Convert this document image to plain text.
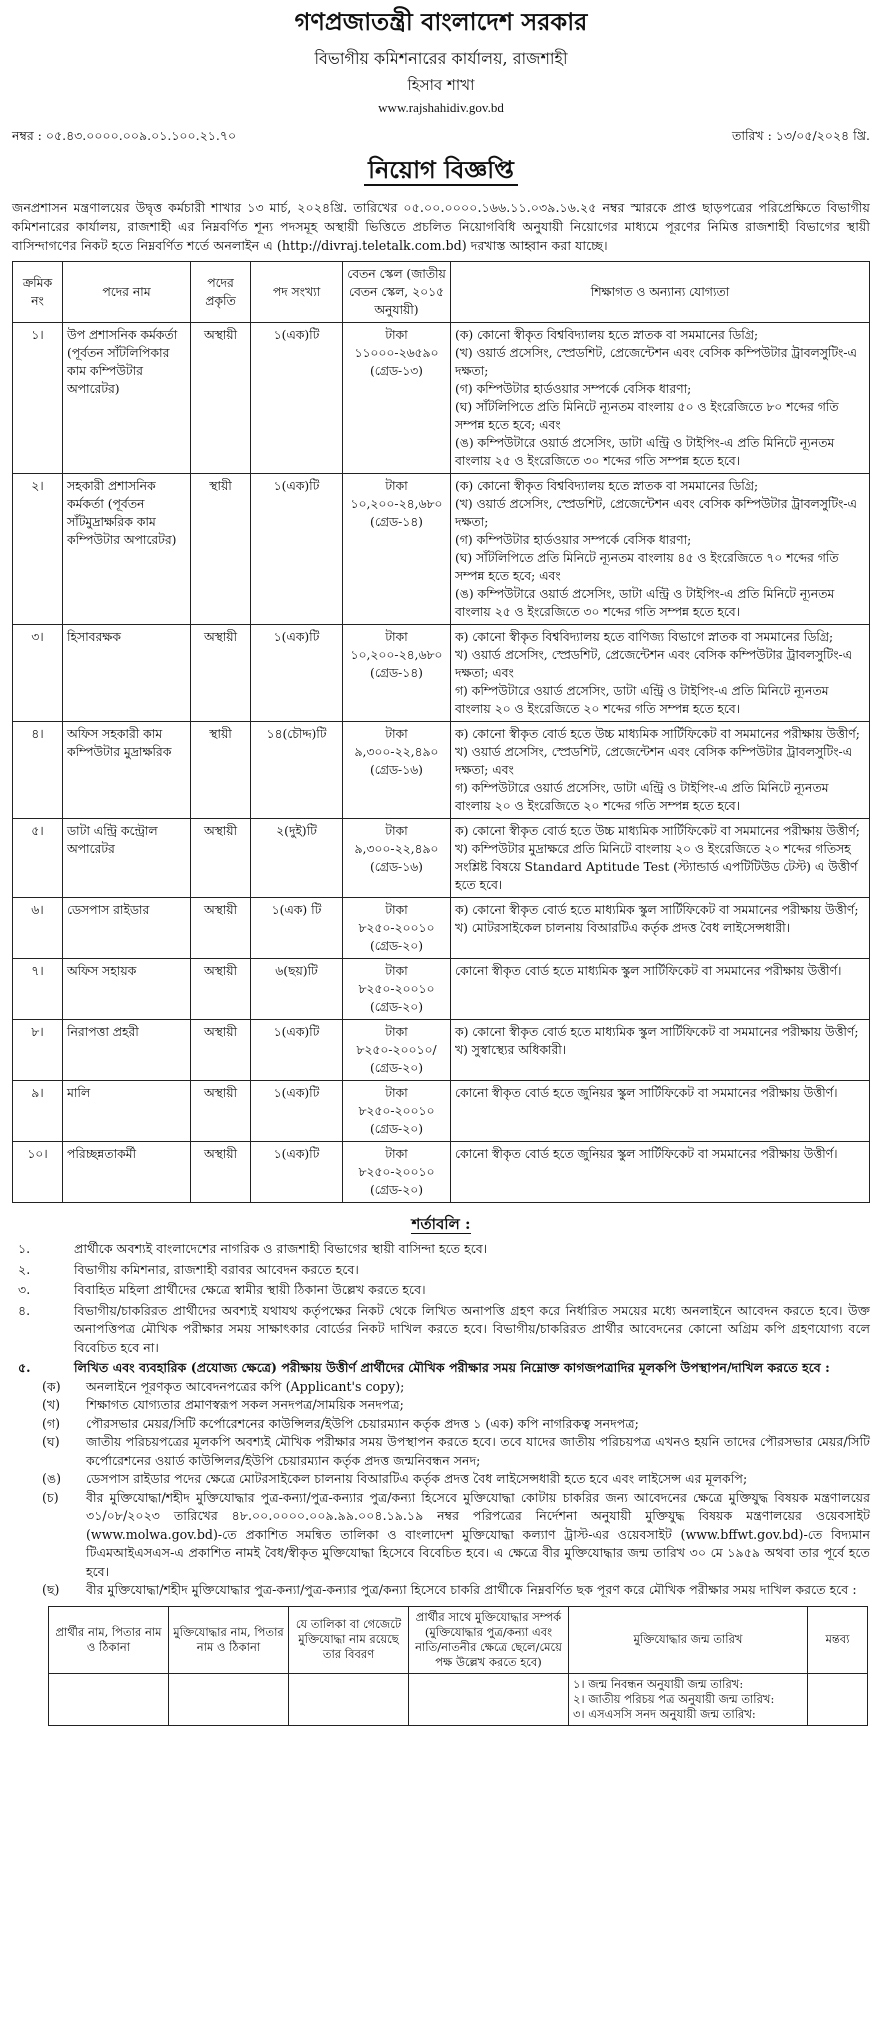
গণপ্রজাতন্ত্রী বাংলাদেশ সরকার
বিভাগীয় কমিশনারের কার্যালয়, রাজশাহী
হিসাব শাখা
www.rajshahidiv.gov.bd
নম্বর : ০৫.৪৩.০০০০.০০৯.০১.১০০.২১.৭০	তারিখ : ১৩/০৫/২০২৪ খ্রি.
নিয়োগ বিজ্ঞপ্তি
জনপ্রশাসন মন্ত্রণালয়ের উদ্বৃত্ত কর্মচারী শাখার ১৩ মার্চ, ২০২৪খ্রি. তারিখের ০৫.০০.০০০০.১৬৬.১১.০৩৯.১৬.২৫ নম্বর স্মারকে প্রাপ্ত ছাড়পত্রের পরিপ্রেক্ষিতে বিভাগীয় কমিশনারের কার্যালয়, রাজশাহী এর নিম্নবর্ণিত শূন্য পদসমূহ অস্থায়ী ভিত্তিতে প্রচলিত নিয়োগবিধি অনুযায়ী নিয়োগের মাধ্যমে পূরণের নিমিত্ত রাজশাহী বিভাগের স্থায়ী বাসিন্দাগণের নিকট হতে নিম্নবর্ণিত শর্তে অনলাইন এ (http://divraj.teletalk.com.bd) দরখাস্ত আহ্বান করা যাচ্ছে।
ক্রমিক নং	পদের নাম	পদের প্রকৃতি	পদ সংখ্যা	বেতন স্কেল (জাতীয় বেতন স্কেল, ২০১৫ অনুযায়ী)	শিক্ষাগত ও অন্যান্য যোগ্যতা
১।	উপ প্রশাসনিক কর্মকর্তা (পূর্বতন সাঁটলিপিকার কাম কম্পিউটার অপারেটর)	অস্থায়ী	১(এক)টি	টাকা ১১০০০-২৬৫৯০ (গ্রেড-১৩)	(ক) কোনো স্বীকৃত বিশ্ববিদ্যালয় হতে স্নাতক বা সমমানের ডিগ্রি;
(খ) ওয়ার্ড প্রসেসিং, স্প্রেডশিট, প্রেজেন্টেশন এবং বেসিক কম্পিউটার ট্রাবলসুটিং-এ দক্ষতা;
(গ) কম্পিউটার হার্ডওয়ার সম্পর্কে বেসিক ধারণা;
(ঘ) সাঁটলিপিতে প্রতি মিনিটে ন্যূনতম বাংলায় ৫০ ও ইংরেজিতে ৮০ শব্দের গতি সম্পন্ন হতে হবে; এবং
(ঙ) কম্পিউটারে ওয়ার্ড প্রসেসিং, ডাটা এন্ট্রি ও টাইপিং-এ প্রতি মিনিটে ন্যূনতম বাংলায় ২৫ ও ইংরেজিতে ৩০ শব্দের গতি সম্পন্ন হতে হবে।

২।	সহকারী প্রশাসনিক কর্মকর্তা (পূর্বতন সাঁটমুদ্রাক্ষরিক কাম কম্পিউটার অপারেটর)	স্থায়ী	১(এক)টি	টাকা ১০,২০০-২৪,৬৮০ (গ্রেড-১৪)	(ক) কোনো স্বীকৃত বিশ্ববিদ্যালয় হতে স্নাতক বা সমমানের ডিগ্রি;
(খ) ওয়ার্ড প্রসেসিং, স্প্রেডশিট, প্রেজেন্টেশন এবং বেসিক কম্পিউটার ট্রাবলসুটিং-এ দক্ষতা;
(গ) কম্পিউটার হার্ডওয়ার সম্পর্কে বেসিক ধারণা;
(ঘ) সাঁটলিপিতে প্রতি মিনিটে ন্যূনতম বাংলায় ৪৫ ও ইংরেজিতে ৭০ শব্দের গতি সম্পন্ন হতে হবে; এবং
(ঙ) কম্পিউটারে ওয়ার্ড প্রসেসিং, ডাটা এন্ট্রি ও টাইপিং-এ প্রতি মিনিটে ন্যূনতম বাংলায় ২৫ ও ইংরেজিতে ৩০ শব্দের গতি সম্পন্ন হতে হবে।

৩।	হিসাবরক্ষক	অস্থায়ী	১(এক)টি	টাকা ১০,২০০-২৪,৬৮০ (গ্রেড-১৪)	ক) কোনো স্বীকৃত বিশ্ববিদ্যালয় হতে বাণিজ্য বিভাগে স্নাতক বা সমমানের ডিগ্রি;
খ) ওয়ার্ড প্রসেসিং, স্প্রেডশিট, প্রেজেন্টেশন এবং বেসিক কম্পিউটার ট্রাবলসুটিং-এ দক্ষতা; এবং
গ) কম্পিউটারে ওয়ার্ড প্রসেসিং, ডাটা এন্ট্রি ও টাইপিং-এ প্রতি মিনিটে ন্যূনতম বাংলায় ২০ ও ইংরেজিতে ২০ শব্দের গতি সম্পন্ন হতে হবে।

৪।	অফিস সহকারী কাম কম্পিউটার মুদ্রাক্ষরিক	স্থায়ী	১৪(চৌদ্দ)টি	টাকা ৯,৩০০-২২,৪৯০ (গ্রেড-১৬)	ক) কোনো স্বীকৃত বোর্ড হতে উচ্চ মাধ্যমিক সার্টিফিকেট বা সমমানের পরীক্ষায় উত্তীর্ণ;
খ) ওয়ার্ড প্রসেসিং, স্প্রেডশিট, প্রেজেন্টেশন এবং বেসিক কম্পিউটার ট্রাবলসুটিং-এ দক্ষতা; এবং
গ) কম্পিউটারে ওয়ার্ড প্রসেসিং, ডাটা এন্ট্রি ও টাইপিং-এ প্রতি মিনিটে ন্যূনতম বাংলায় ২০ ও ইংরেজিতে ২০ শব্দের গতি সম্পন্ন হতে হবে।

৫।	ডাটা এন্ট্রি কন্ট্রোল অপারেটর	অস্থায়ী	২(দুই)টি	টাকা ৯,৩০০-২২,৪৯০ (গ্রেড-১৬)	ক) কোনো স্বীকৃত বোর্ড হতে উচ্চ মাধ্যমিক সার্টিফিকেট বা সমমানের পরীক্ষায় উত্তীর্ণ;
খ) কম্পিউটার মুদ্রাক্ষরে প্রতি মিনিটে বাংলায় ২০ ও ইংরেজিতে ২০ শব্দের গতিসহ সংশ্লিষ্ট বিষয়ে Standard Aptitude Test (স্ট্যান্ডার্ড এপটিটিউড টেস্ট) এ উত্তীর্ণ হতে হবে।

৬।	ডেসপাস রাইডার	অস্থায়ী	১(এক) টি	টাকা ৮২৫০-২০০১০ (গ্রেড-২০)	ক) কোনো স্বীকৃত বোর্ড হতে মাধ্যমিক স্কুল সার্টিফিকেট বা সমমানের পরীক্ষায় উত্তীর্ণ;
খ) মোটরসাইকেল চালনায় বিআরটিএ কর্তৃক প্রদত্ত বৈধ লাইসেন্সধারী।

৭।	অফিস সহায়ক	অস্থায়ী	৬(ছয়)টি	টাকা ৮২৫০-২০০১০ (গ্রেড-২০)	কোনো স্বীকৃত বোর্ড হতে মাধ্যমিক স্কুল সার্টিফিকেট বা সমমানের পরীক্ষায় উত্তীর্ণ।

৮।	নিরাপত্তা প্রহরী	অস্থায়ী	১(এক)টি	টাকা ৮২৫০-২০০১০/ (গ্রেড-২০)	ক) কোনো স্বীকৃত বোর্ড হতে মাধ্যমিক স্কুল সার্টিফিকেট বা সমমানের পরীক্ষায় উত্তীর্ণ;
খ) সুস্বাস্থ্যের অধিকারী।

৯।	মালি	অস্থায়ী	১(এক)টি	টাকা ৮২৫০-২০০১০ (গ্রেড-২০)	কোনো স্বীকৃত বোর্ড হতে জুনিয়র স্কুল সার্টিফিকেট বা সমমানের পরীক্ষায় উত্তীর্ণ।

১০।	পরিচ্ছন্নতাকর্মী	অস্থায়ী	১(এক)টি	টাকা ৮২৫০-২০০১০ (গ্রেড-২০)	কোনো স্বীকৃত বোর্ড হতে জুনিয়র স্কুল সার্টিফিকেট বা সমমানের পরীক্ষায় উত্তীর্ণ।
শর্তাবলি :
১.	প্রার্থীকে অবশ্যই বাংলাদেশের নাগরিক ও রাজশাহী বিভাগের স্থায়ী বাসিন্দা হতে হবে।
২.	বিভাগীয় কমিশনার, রাজশাহী বরাবর আবেদন করতে হবে।
৩.	বিবাহিত মহিলা প্রার্থীদের ক্ষেত্রে স্বামীর স্থায়ী ঠিকানা উল্লেখ করতে হবে।
৪.	বিভাগীয়/চাকরিরত প্রার্থীদের অবশ্যই যথাযথ কর্তৃপক্ষের নিকট থেকে লিখিত অনাপত্তি গ্রহণ করে নির্ধারিত সময়ের মধ্যে অনলাইনে আবেদন করতে হবে। উক্ত অনাপত্তিপত্র মৌখিক পরীক্ষার সময় সাক্ষাৎকার বোর্ডের নিকট দাখিল করতে হবে। বিভাগীয়/চাকরিরত প্রার্থীর আবেদনের কোনো অগ্রিম কপি গ্রহণযোগ্য বলে বিবেচিত হবে না।
৫.	লিখিত এবং ব্যবহারিক (প্রযোজ্য ক্ষেত্রে) পরীক্ষায় উত্তীর্ণ প্রার্থীদের মৌখিক পরীক্ষার সময় নিম্নোক্ত কাগজপত্রাদির মূলকপি উপস্থাপন/দাখিল করতে হবে :
(ক)	অনলাইনে পূরণকৃত আবেদনপত্রের কপি (Applicant's copy);
(খ)	শিক্ষাগত যোগ্যতার প্রমাণস্বরূপ সকল সনদপত্র/সাময়িক সনদপত্র;
(গ)	পৌরসভার মেয়র/সিটি কর্পোরেশনের কাউন্সিলর/ইউপি চেয়ারম্যান কর্তৃক প্রদত্ত ১ (এক) কপি নাগরিকত্ব সনদপত্র;
(ঘ)	জাতীয় পরিচয়পত্রের মূলকপি অবশ্যই মৌখিক পরীক্ষার সময় উপস্থাপন করতে হবে। তবে যাদের জাতীয় পরিচয়পত্র এখনও হয়নি তাদের পৌরসভার মেয়র/সিটি কর্পোরেশনের ওয়ার্ড কাউন্সিলর/ইউপি চেয়ারম্যান কর্তৃক প্রদত্ত জন্মনিবন্ধন সনদ;
(ঙ)	ডেসপাস রাইডার পদের ক্ষেত্রে মোটরসাইকেল চালনায় বিআরটিএ কর্তৃক প্রদত্ত বৈধ লাইসেন্সধারী হতে হবে এবং লাইসেন্স এর মূলকপি;
(চ)	বীর মুক্তিযোদ্ধা/শহীদ মুক্তিযোদ্ধার পুত্র-কন্যা/পুত্র-কন্যার পুত্র/কন্যা হিসেবে মুক্তিযোদ্ধা কোটায় চাকরির জন্য আবেদনের ক্ষেত্রে মুক্তিযুদ্ধ বিষয়ক মন্ত্রণালয়ের ৩১/০৮/২০২৩ তারিখের ৪৮.০০.০০০০.০০৯.৯৯.০০৪.১৯.১৯ নম্বর পরিপত্রের নির্দেশনা অনুযায়ী মুক্তিযুদ্ধ বিষয়ক মন্ত্রণালয়ের ওয়েবসাইট (www.molwa.gov.bd)-তে প্রকাশিত সমন্বিত তালিকা ও বাংলাদেশ মুক্তিযোদ্ধা কল্যাণ ট্রাস্ট-এর ওয়েবসাইট (www.bffwt.gov.bd)-তে বিদ্যমান টিএমআইএসএস-এ প্রকাশিত নামই বৈধ/স্বীকৃত মুক্তিযোদ্ধা হিসেবে বিবেচিত হবে। এ ক্ষেত্রে বীর মুক্তিযোদ্ধার জন্ম তারিখ ৩০ মে ১৯৫৯ অথবা তার পূর্বে হতে হবে।
(ছ)	বীর মুক্তিযোদ্ধা/শহীদ মুক্তিযোদ্ধার পুত্র-কন্যা/পুত্র-কন্যার পুত্র/কন্যা হিসেবে চাকরি প্রার্থীকে নিম্নবর্ণিত ছক পূরণ করে মৌখিক পরীক্ষার সময় দাখিল করতে হবে :
প্রার্থীর নাম, পিতার নাম ও ঠিকানা	মুক্তিযোদ্ধার নাম, পিতার নাম ও ঠিকানা	যে তালিকা বা গেজেটে মুক্তিযোদ্ধা নাম রয়েছে তার বিবরণ	প্রার্থীর সাথে মুক্তিযোদ্ধার সম্পর্ক (মুক্তিযোদ্ধার পুত্র/কন্যা এবং নাতি/নাতনীর ক্ষেত্রে ছেলে/মেয়ে পক্ষ উল্লেখ করতে হবে)	মুক্তিযোদ্ধার জন্ম তারিখ	মন্তব্য

				১। জন্ম নিবন্ধন অনুযায়ী জন্ম তারিখ:
২। জাতীয় পরিচয় পত্র অনুযায়ী জন্ম তারিখ:
৩। এসএসসি সনদ অনুযায়ী জন্ম তারিখ:	
